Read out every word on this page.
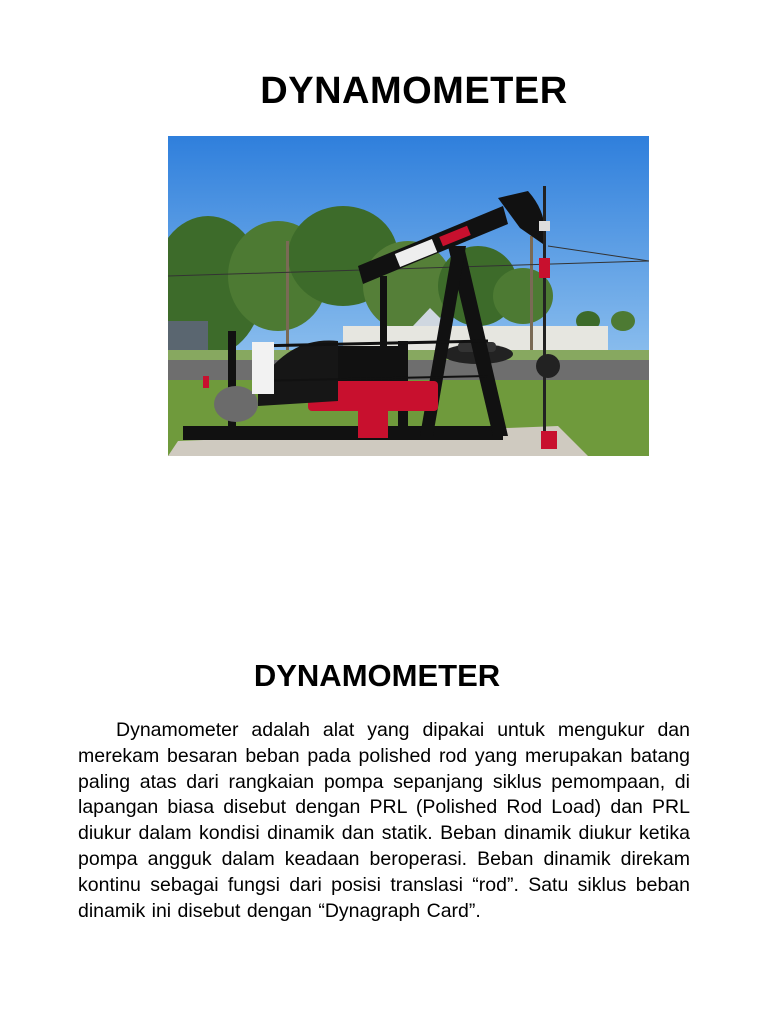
DYNAMOMETER
DYNAMOMETER
Dynamometer adalah alat yang dipakai untuk mengukur dan merekam besaran beban pada polished rod yang merupakan batang paling atas dari rangkaian pompa sepanjang siklus pemompaan, di lapangan biasa disebut dengan PRL (Polished Rod Load) dan PRL diukur dalam kondisi dinamik dan statik. Beban dinamik diukur ketika pompa angguk dalam keadaan beroperasi. Beban dinamik direkam kontinu sebagai fungsi dari posisi translasi “rod”. Satu siklus beban dinamik ini disebut dengan “Dynagraph Card”.
